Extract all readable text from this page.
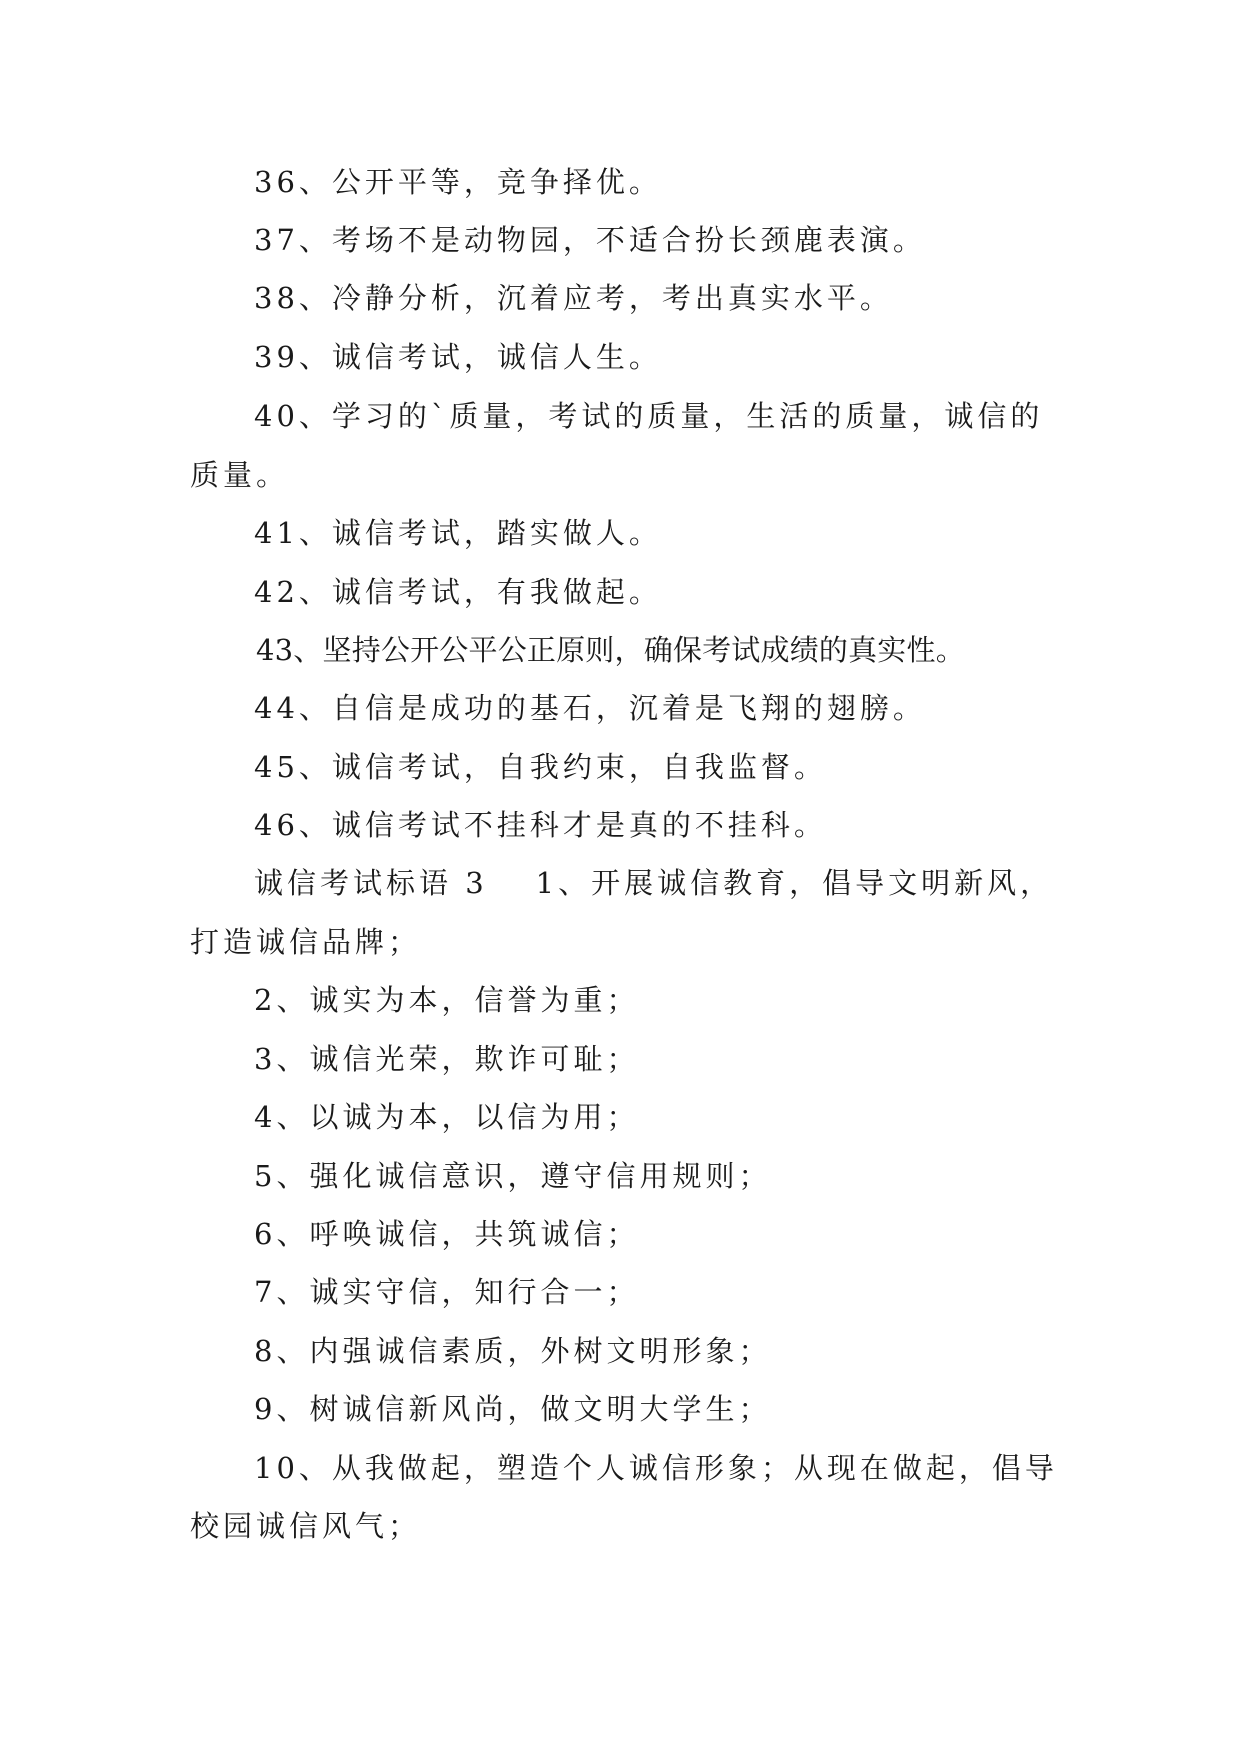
36、公开平等，竞争择优。
37、考场不是动物园，不适合扮长颈鹿表演。
38、冷静分析，沉着应考，考出真实水平。
39、诚信考试，诚信人生。
40、学习的`质量，考试的质量，生活的质量，诚信的
质量。
41、诚信考试，踏实做人。
42、诚信考试，有我做起。
43、坚持公开公平公正原则，确保考试成绩的真实性。
44、自信是成功的基石，沉着是飞翔的翅膀。
45、诚信考试，自我约束，自我监督。
46、诚信考试不挂科才是真的不挂科。
诚信考试标语 3 1、开展诚信教育，倡导文明新风，
打造诚信品牌；
2、诚实为本，信誉为重；
3、诚信光荣，欺诈可耻；
4、以诚为本，以信为用；
5、强化诚信意识，遵守信用规则；
6、呼唤诚信，共筑诚信；
7、诚实守信，知行合一；
8、内强诚信素质，外树文明形象；
9、树诚信新风尚，做文明大学生；
10、从我做起，塑造个人诚信形象；从现在做起，倡导
校园诚信风气；
